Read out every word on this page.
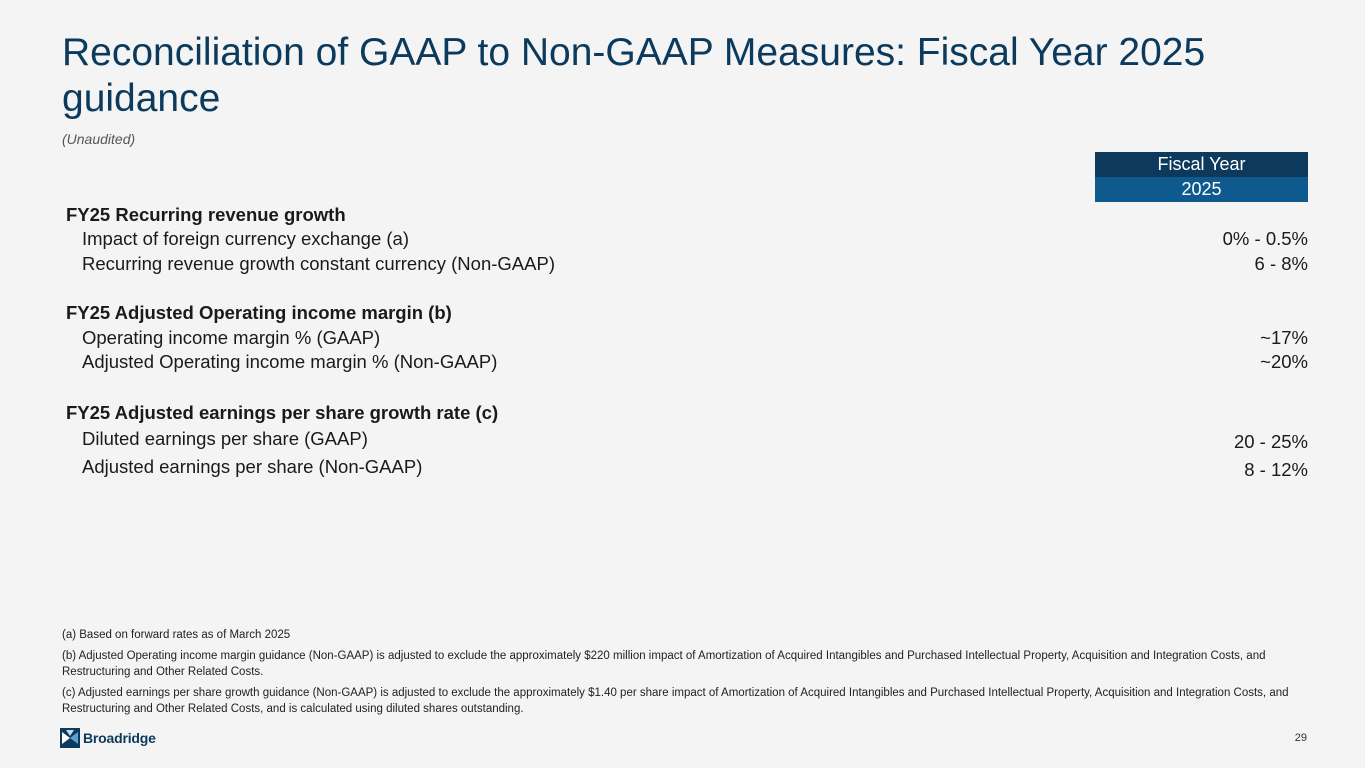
Reconciliation of GAAP to Non-GAAP Measures: Fiscal Year 2025 guidance
(Unaudited)
Fiscal Year
2025
FY25 Recurring revenue growth
Impact of foreign currency exchange (a)	0% - 0.5%
Recurring revenue growth constant currency (Non-GAAP)	6 - 8%
FY25 Adjusted Operating income margin (b)
Operating income margin % (GAAP)	~17%
Adjusted Operating income margin % (Non-GAAP)	~20%
FY25 Adjusted earnings per share growth rate (c)
Diluted earnings per share (GAAP)	20 - 25%
Adjusted earnings per share (Non-GAAP)	8 - 12%
(a) Based on forward rates as of March 2025
(b) Adjusted Operating income margin guidance (Non-GAAP) is adjusted to exclude the approximately $220 million impact of Amortization of Acquired Intangibles and Purchased Intellectual Property, Acquisition and Integration Costs, and Restructuring and Other Related Costs.
(c) Adjusted earnings per share growth guidance (Non-GAAP) is adjusted to exclude the approximately $1.40 per share impact of Amortization of Acquired Intangibles and Purchased Intellectual Property, Acquisition and Integration Costs, and Restructuring and Other Related Costs, and is calculated using diluted shares outstanding.
Broadridge	29
